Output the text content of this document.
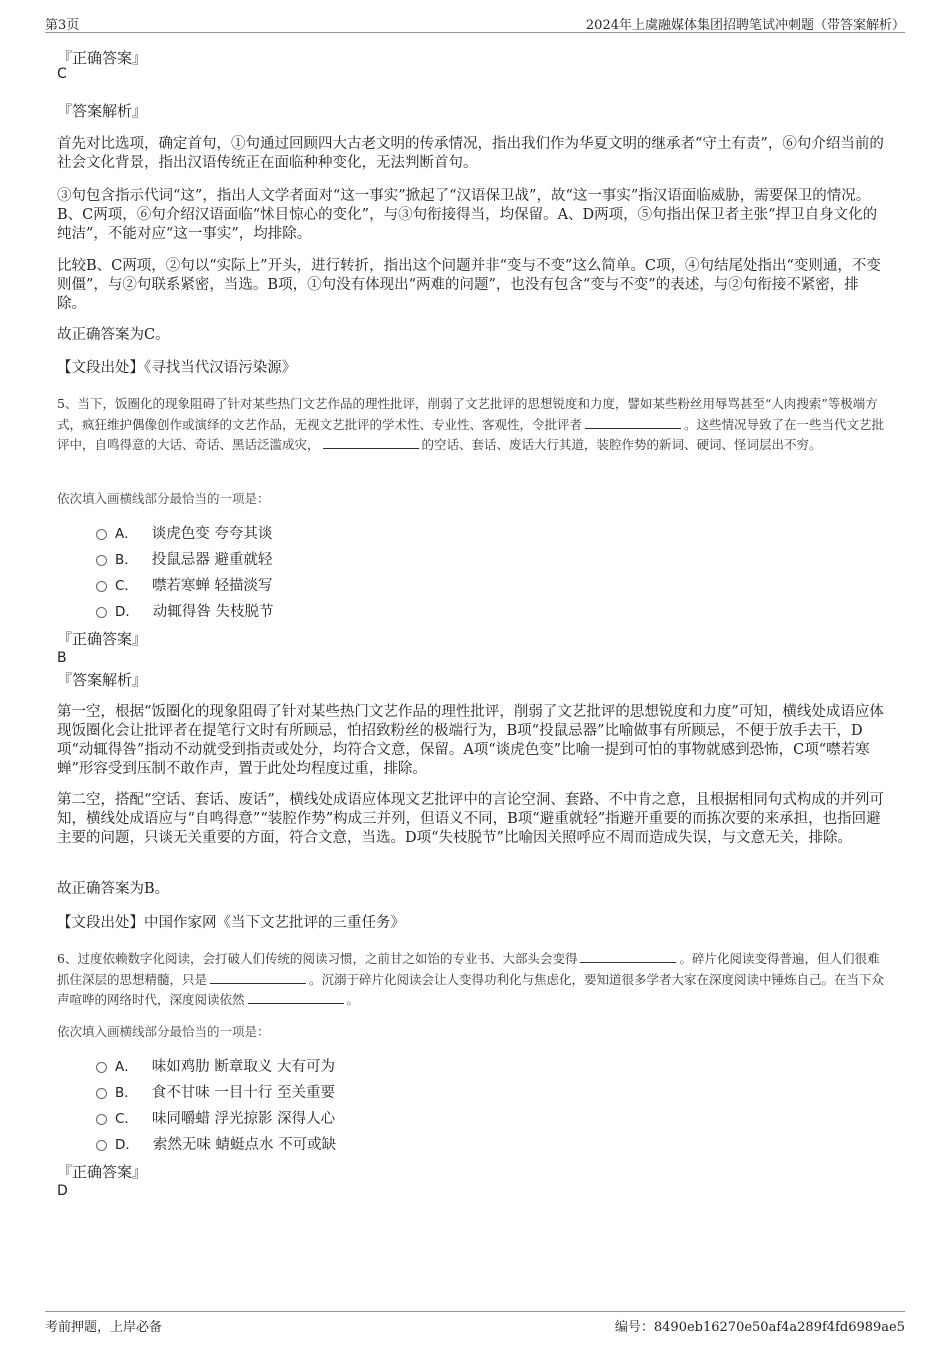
第3页	2024年上虞融媒体集团招聘笔试冲刺题（带答案解析）
『正确答案』
C
『答案解析』

首先对比选项，确定首句，①句通过回顾四大古老文明的传承情况，指出我们作为华夏文明的继承者“守土有责”，⑥句介绍当前的社会文化背景，指出汉语传统正在面临种种变化，无法判断首句。

③句包含指示代词“这”，指出人文学者面对“这一事实”掀起了“汉语保卫战”，故“这一事实”指汉语面临威胁，需要保卫的情况。B、C两项，⑥句介绍汉语面临“怵目惊心的变化”，与③句衔接得当，均保留。A、D两项，⑤句指出保卫者主张“捍卫自身文化的纯洁”，不能对应“这一事实”，均排除。

比较B、C两项，②句以“实际上”开头，进行转折，指出这个问题并非“变与不变”这么简单。C项，④句结尾处指出“变则通，不变则僵”，与②句联系紧密，当选。B项，①句没有体现出“两难的问题”，也没有包含“变与不变”的表述，与②句衔接不紧密，排除。

故正确答案为C。
【文段出处】《寻找当代汉语污染源》

5、当下，饭圈化的现象阻碍了针对某些热门文艺作品的理性批评，削弱了文艺批评的思想锐度和力度，譬如某些粉丝用辱骂甚至“人肉搜索”等极端方式，疯狂维护偶像创作或演绎的文艺作品，无视文艺批评的学术性、专业性、客观性，令批评者	。这些情况导致了在一些当代文艺批评中，自鸣得意的大话、奇话、黑话泛滥成灾，	的空话、套话、废话大行其道，装腔作势的新词、硬词、怪词层出不穷。

依次填入画横线部分最恰当的一项是：
A． 谈虎色变 夸夸其谈
B． 投鼠忌器 避重就轻
C． 噤若寒蝉 轻描淡写
D． 动辄得咎 失枝脱节
『正确答案』
B
『答案解析』

第一空，根据“饭圈化的现象阻碍了针对某些热门文艺作品的理性批评，削弱了文艺批评的思想锐度和力度”可知，横线处成语应体现饭圈化会让批评者在提笔行文时有所顾忌，怕招致粉丝的极端行为，B项“投鼠忌器”比喻做事有所顾忌，不便于放手去干，D项“动辄得咎”指动不动就受到指责或处分，均符合文意，保留。A项“谈虎色变”比喻一提到可怕的事物就感到恐怖，C项“噤若寒蝉”形容受到压制不敢作声，置于此处均程度过重，排除。

第二空，搭配“空话、套话、废话”，横线处成语应体现文艺批评中的言论空洞、套路、不中肯之意，且根据相同句式构成的并列可知，横线处成语应与“自鸣得意”“装腔作势”构成三并列，但语义不同，B项“避重就轻”指避开重要的而拣次要的来承担，也指回避主要的问题，只谈无关重要的方面，符合文意，当选。D项“失枝脱节”比喻因关照呼应不周而造成失误，与文意无关，排除。

故正确答案为B。
【文段出处】中国作家网《当下文艺批评的三重任务》

6、过度依赖数字化阅读，会打破人们传统的阅读习惯，之前甘之如饴的专业书、大部头会变得	。碎片化阅读变得普遍，但人们很难抓住深层的思想精髓，只是	。沉溺于碎片化阅读会让人变得功利化与焦虑化，要知道很多学者大家在深度阅读中锤炼自己。在当下众声喧哗的网络时代，深度阅读依然	。

依次填入画横线部分最恰当的一项是：
A． 味如鸡肋 断章取义 大有可为
B． 食不甘味 一目十行 至关重要
C． 味同嚼蜡 浮光掠影 深得人心
D． 索然无味 蜻蜓点水 不可或缺
『正确答案』
D
考前押题，上岸必备	编号：8490eb16270e50af4a289f4fd6989ae5
